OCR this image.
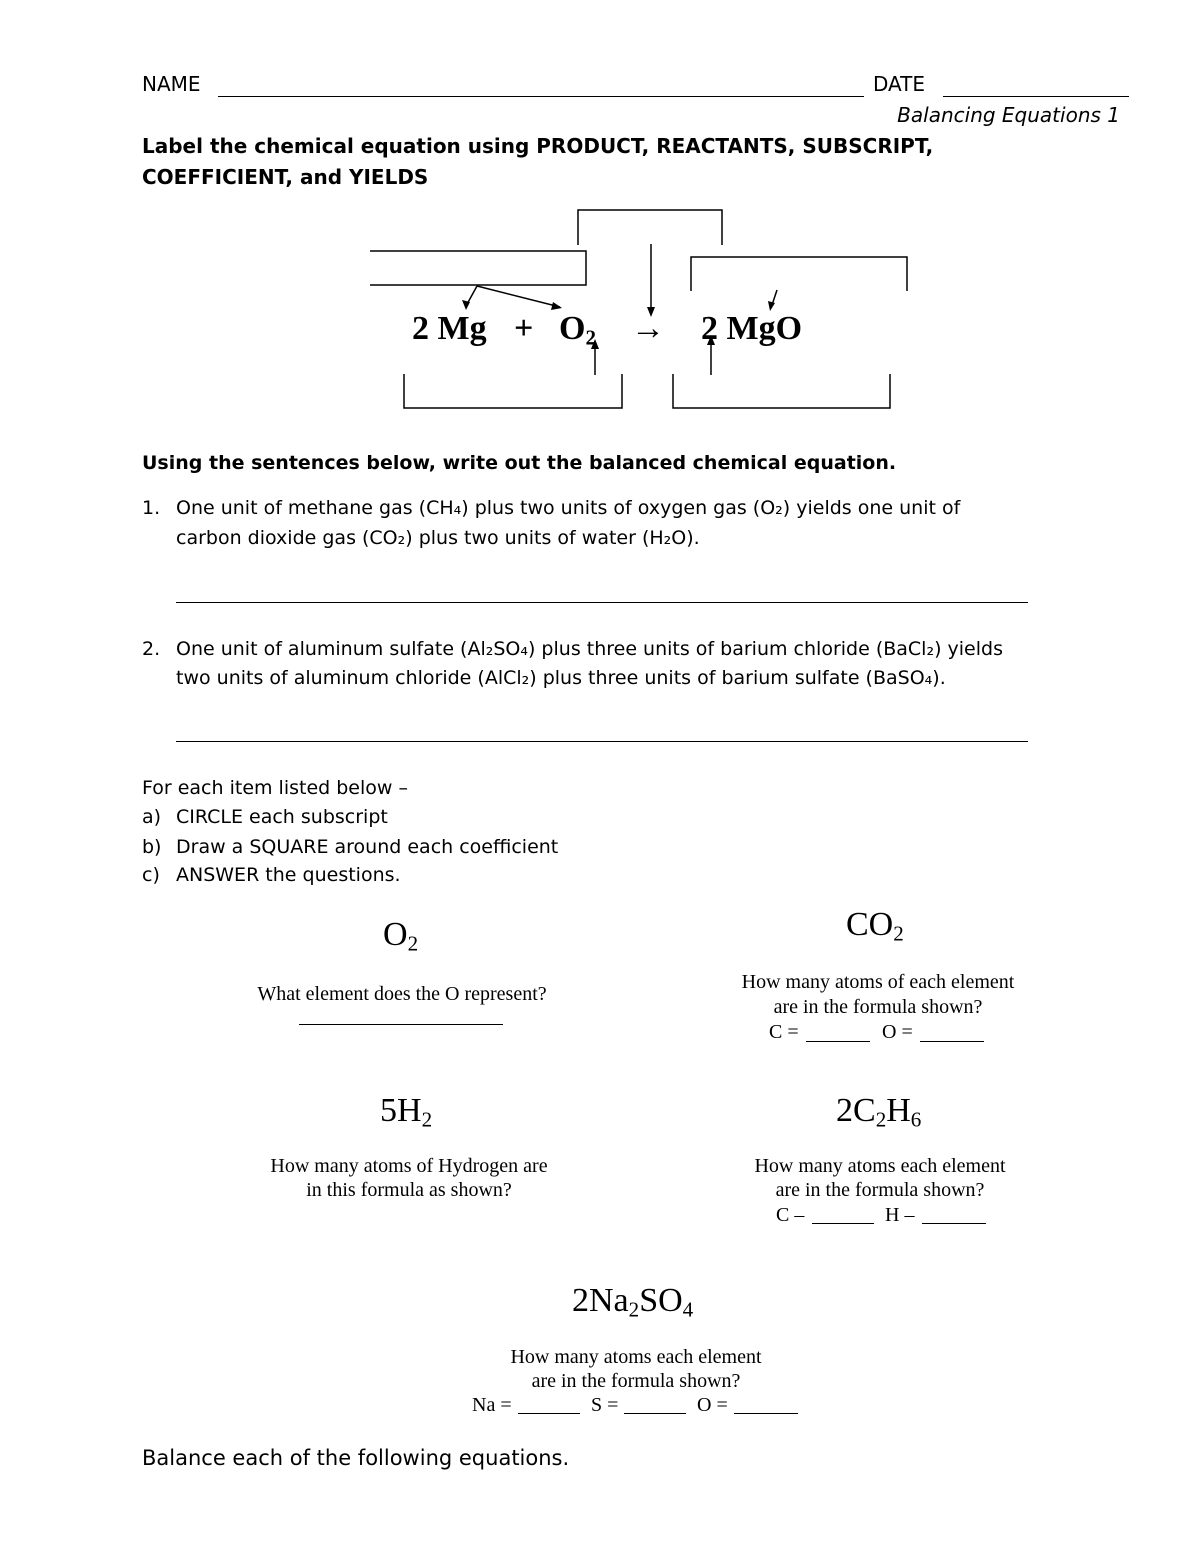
NAME	DATE
Balancing Equations 1
Label the chemical equation using PRODUCT, REACTANTS, SUBSCRIPT,
COEFFICIENT, and YIELDS
2 $Mg + O_2 \to 2$ MgO
Using the sentences below, write out the balanced chemical equation.
1. One unit of methane gas (CH₄) plus two units of oxygen gas (O₂) yields one unit of
carbon dioxide gas (CO₂) plus two units of water (H₂O).
2. One unit of aluminum sulfate (Al₂SO₄) plus three units of barium chloride (BaCl₂) yields
two units of aluminum chloride (AlCl₂) plus three units of barium sulfate (BaSO₄).
For each item listed below –
a) CIRCLE each subscript
b) Draw a SQUARE around each coefficient
c) ANSWER the questions.
$O_2$
What element does the O represent?
$CO_2$
How many atoms of each element
are in the formula shown?
C =	O =
$5H_2$
How many atoms of Hydrogen are
in this formula as shown?
$2C_2H_6$
How many atoms each element
are in the formula shown?
C –	H –
$2Na_2SO_4$
How many atoms each element
are in the formula shown?
Na =	S =	O =
Balance each of the following equations.
